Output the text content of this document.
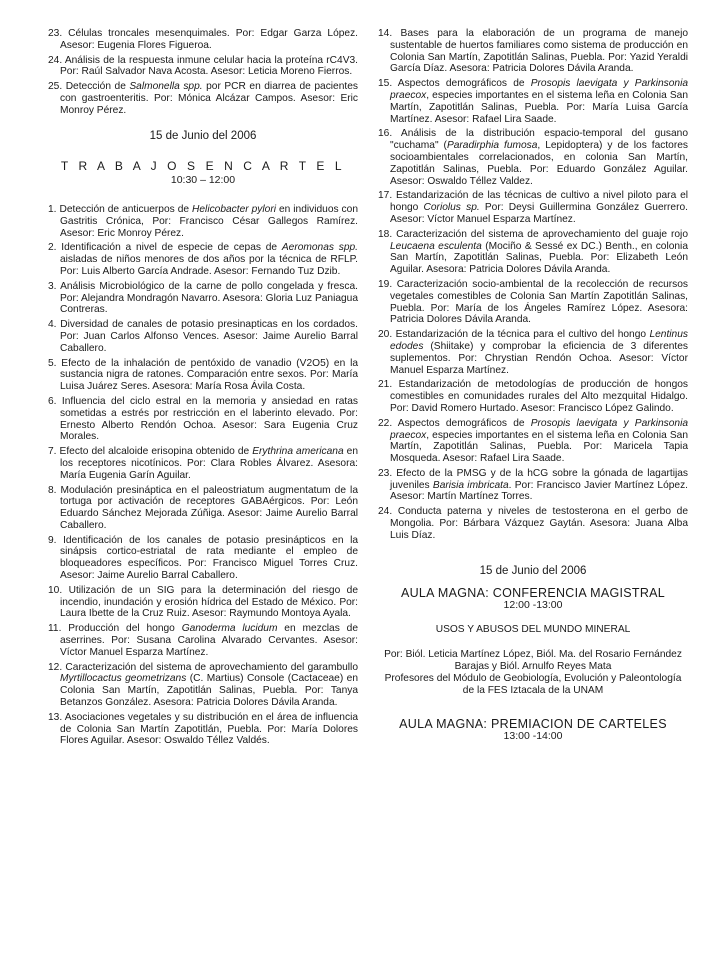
23. Células troncales mesenquimales. Por: Edgar Garza López. Asesor: Eugenia Flores Figueroa.

24. Análisis de la respuesta inmune celular hacia la proteína rC4V3. Por: Raúl Salvador Nava Acosta. Asesor: Leticia Moreno Fierros.

25. Detección de Salmonella spp. por PCR en diarrea de pacientes con gastroenteritis. Por: Mónica Alcázar Campos. Asesor: Eric Monroy Pérez.

15 de Junio del 2006

T R A B A J O S E N C A R T E L

10:30 – 12:00

1. Detección de anticuerpos de Helicobacter pylori en individuos con Gastritis Crónica, Por: Francisco César Gallegos Ramírez. Asesor: Eric Monroy Pérez.

2. Identificación a nivel de especie de cepas de Aeromonas spp. aisladas de niños menores de dos años por la técnica de RFLP. Por: Luis Alberto García Andrade. Asesor: Fernando Tuz Dzib.

3. Análisis Microbiológico de la carne de pollo congelada y fresca. Por: Alejandra Mondragón Navarro. Asesora: Gloria Luz Paniagua Contreras.

4. Diversidad de canales de potasio presinapticas en los cordados. Por: Juan Carlos Alfonso Vences. Asesor: Jaime Aurelio Barral Caballero.

5. Efecto de la inhalación de pentóxido de vanadio (V2O5) en la sustancia nigra de ratones. Comparación entre sexos. Por: María Luisa Juárez Seres. Asesora: María Rosa Ávila Costa.

6. Influencia del ciclo estral en la memoria y ansiedad en ratas sometidas a estrés por restricción en el laberinto elevado. Por: Ernesto Alberto Rendón Ochoa. Asesor: Sara Eugenia Cruz Morales.

7. Efecto del alcaloide erisopina obtenido de Erythrina americana en los receptores nicotínicos. Por: Clara Robles Álvarez. Asesora: María Eugenia Garín Aguilar.

8. Modulación presináptica en el paleostriatum augmentatum de la tortuga por activación de receptores GABAérgicos. Por: León Eduardo Sánchez Mejorada Zúñiga. Asesor: Jaime Aurelio Barral Caballero.

9. Identificación de los canales de potasio presinápticos en la sinápsis cortico-estriatal de rata mediante el empleo de bloqueadores específicos. Por: Francisco Miguel Torres Cruz. Asesor: Jaime Aurelio Barral Caballero.

10. Utilización de un SIG para la determinación del riesgo de incendio, inundación y erosión hídrica del Estado de México. Por: Laura Ibette de la Cruz Ruiz. Asesor: Raymundo Montoya Ayala.

11. Producción del hongo Ganoderma lucidum en mezclas de aserrines. Por: Susana Carolina Alvarado Cervantes. Asesor: Víctor Manuel Esparza Martínez.

12. Caracterización del sistema de aprovechamiento del garambullo Myrtillocactus geometrizans (C. Martius) Console (Cactaceae) en Colonia San Martín, Zapotitlán Salinas, Puebla. Por: Tanya Betanzos González. Asesora: Patricia Dolores Dávila Aranda.

13. Asociaciones vegetales y su distribución en el área de influencia de Colonia San Martín Zapotitlán, Puebla. Por: María Dolores Flores Aguilar. Asesor: Oswaldo Téllez Valdés.

14. Bases para la elaboración de un programa de manejo sustentable de huertos familiares como sistema de producción en Colonia San Martín, Zapotitlán Salinas, Puebla. Por: Yazid Yeraldi García Díaz. Asesora: Patricia Dolores Dávila Aranda.

15. Aspectos demográficos de Prosopis laevigata y Parkinsonia praecox, especies importantes en el sistema leña en Colonia San Martín, Zapotitlán Salinas, Puebla. Por: María Luisa García Martínez. Asesor: Rafael Lira Saade.

16. Análisis de la distribución espacio-temporal del gusano "cuchama" (Paradirphia fumosa, Lepidoptera) y de los factores socioambientales correlacionados, en colonia San Martín, Zapotitlán Salinas, Puebla. Por: Eduardo González Aguilar. Asesor: Oswaldo Téllez Valdez.

17. Estandarización de las técnicas de cultivo a nivel piloto para el hongo Coriolus sp. Por: Deysi Guillermina González Guerrero. Asesor: Víctor Manuel Esparza Martínez.

18. Caracterización del sistema de aprovechamiento del guaje rojo Leucaena esculenta (Mociño & Sessé ex DC.) Benth., en colonia San Martín, Zapotitlán Salinas, Puebla. Por: Elizabeth León Aguilar. Asesora: Patricia Dolores Dávila Aranda.

19. Caracterización socio-ambiental de la recolección de recursos vegetales comestibles de Colonia San Martín Zapotitlán Salinas, Puebla. Por: María de los Ángeles Ramírez López. Asesora: Patricia Dolores Dávila Aranda.

20. Estandarización de la técnica para el cultivo del hongo Lentinus edodes (Shiitake) y comprobar la eficiencia de 3 diferentes suplementos. Por: Chrystian Rendón Ochoa. Asesor: Víctor Manuel Esparza Martínez.

21. Estandarización de metodologías de producción de hongos comestibles en comunidades rurales del Alto mezquital Hidalgo. Por: David Romero Hurtado. Asesor: Francisco López Galindo.

22. Aspectos demográficos de Prosopis laevigata y Parkinsonia praecox, especies importantes en el sistema leña en Colonia San Martín, Zapotitlán Salinas, Puebla. Por: Maricela Tapia Mosqueda. Asesor: Rafael Lira Saade.

23. Efecto de la PMSG y de la hCG sobre la gónada de lagartijas juveniles Barisia imbricata. Por: Francisco Javier Martínez López. Asesor: Martín Martínez Torres.

24. Conducta paterna y niveles de testosterona en el gerbo de Mongolia. Por: Bárbara Vázquez Gaytán. Asesora: Juana Alba Luis Díaz.

15 de Junio del 2006

AULA MAGNA: CONFERENCIA MAGISTRAL

12:00 -13:00

USOS Y ABUSOS DEL MUNDO MINERAL

Por: Biól. Leticia Martínez López, Biól. Ma. del Rosario Fernández Barajas y Biól. Arnulfo Reyes Mata

Profesores del Módulo de Geobiología, Evolución y Paleontología de la FES Iztacala de la UNAM

AULA MAGNA: PREMIACION DE CARTELES

13:00 -14:00
